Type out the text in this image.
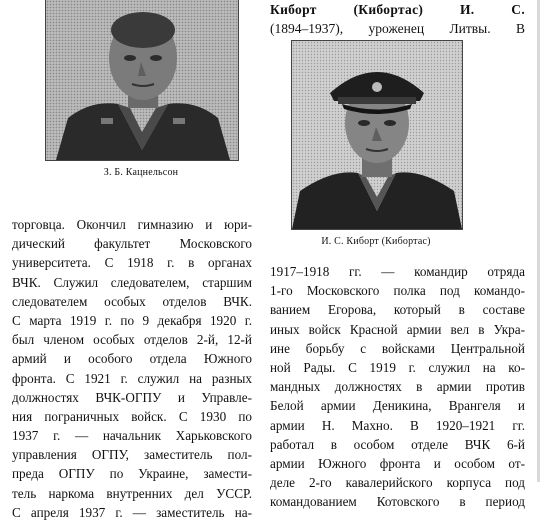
З. Б. Кацнельсон
Киборт (Кибортас) И. С.
(1894–1937), уроженец Литвы. В
И. С. Киборт (Кибортас)
торговца. Окончил гимназию и юри-
дический факультет Московского
университета. С 1918 г. в органах
ВЧК. Служил следователем, старшим
следователем особых отделов ВЧК.
С марта 1919 г. по 9 декабря 1920 г.
был членом особых отделов 2-й, 12-й
армий и особого отдела Южного
фронта. С 1921 г. служил на разных
должностях ВЧК-ОГПУ и Управле-
ния пограничных войск. С 1930 по
1937 г. — начальник Харьковского
управления ОГПУ, заместитель пол-
преда ОГПУ по Украине, замести-
тель наркома внутренних дел УССР.
С апреля 1937 г. — заместитель на-
1917–1918 гг. — командир отряда
1-го Московского полка под командо-
ванием Егорова, который в составе
иных войск Красной армии вел в Укра-
ине борьбу с войсками Центральной
ной Рады. С 1919 г. служил на ко-
мандных должностях в армии против
Белой армии Деникина, Врангеля и
армии Н. Махно. В 1920–1921 гг.
работал в особом отделе ВЧК 6-й
армии Южного фронта и особом от-
деле 2-го кавалерийского корпуса под
командованием Котовского в период
